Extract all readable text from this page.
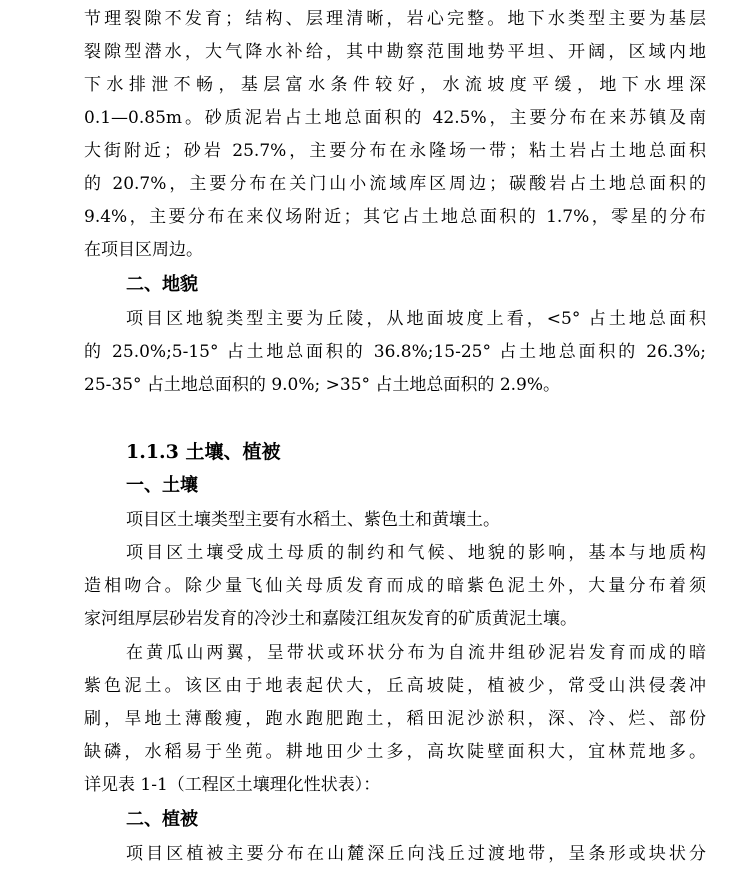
节理裂隙不发育；结构、层理清晰，岩心完整。地下水类型主要为基层
裂隙型潜水，大气降水补给，其中勘察范围地势平坦、开阔，区域内地
下水排泄不畅，基层富水条件较好，水流坡度平缓，地下水埋深
0.1—0.85m。砂质泥岩占土地总面积的 42.5%，主要分布在来苏镇及南
大街附近；砂岩 25.7%，主要分布在永隆场一带；粘土岩占土地总面积
的 20.7%，主要分布在关门山小流域库区周边；碳酸岩占土地总面积的
9.4%，主要分布在来仪场附近；其它占土地总面积的 1.7%，零星的分布
在项目区周边。
二、地貌
项目区地貌类型主要为丘陵，从地面坡度上看，<5° 占土地总面积
的 25.0%;5-15° 占土地总面积的 36.8%;15-25° 占土地总面积的 26.3%;
25-35° 占土地总面积的 9.0%; >35° 占土地总面积的 2.9%。
1.1.3 土壤、植被
一、土壤
项目区土壤类型主要有水稻土、紫色土和黄壤土。
项目区土壤受成土母质的制约和气候、地貌的影响，基本与地质构
造相吻合。除少量飞仙关母质发育而成的暗紫色泥土外，大量分布着须
家河组厚层砂岩发育的冷沙土和嘉陵江组灰发育的矿质黄泥土壤。
在黄瓜山两翼，呈带状或环状分布为自流井组砂泥岩发育而成的暗
紫色泥土。该区由于地表起伏大，丘高坡陡，植被少，常受山洪侵袭冲
刷，旱地土薄酸瘦，跑水跑肥跑土，稻田泥沙淤积，深、冷、烂、部份
缺磷，水稻易于坐蔸。耕地田少土多，高坎陡壁面积大，宜林荒地多。
详见表 1-1（工程区土壤理化性状表）：
二、植被
项目区植被主要分布在山麓深丘向浅丘过渡地带，呈条形或块状分
